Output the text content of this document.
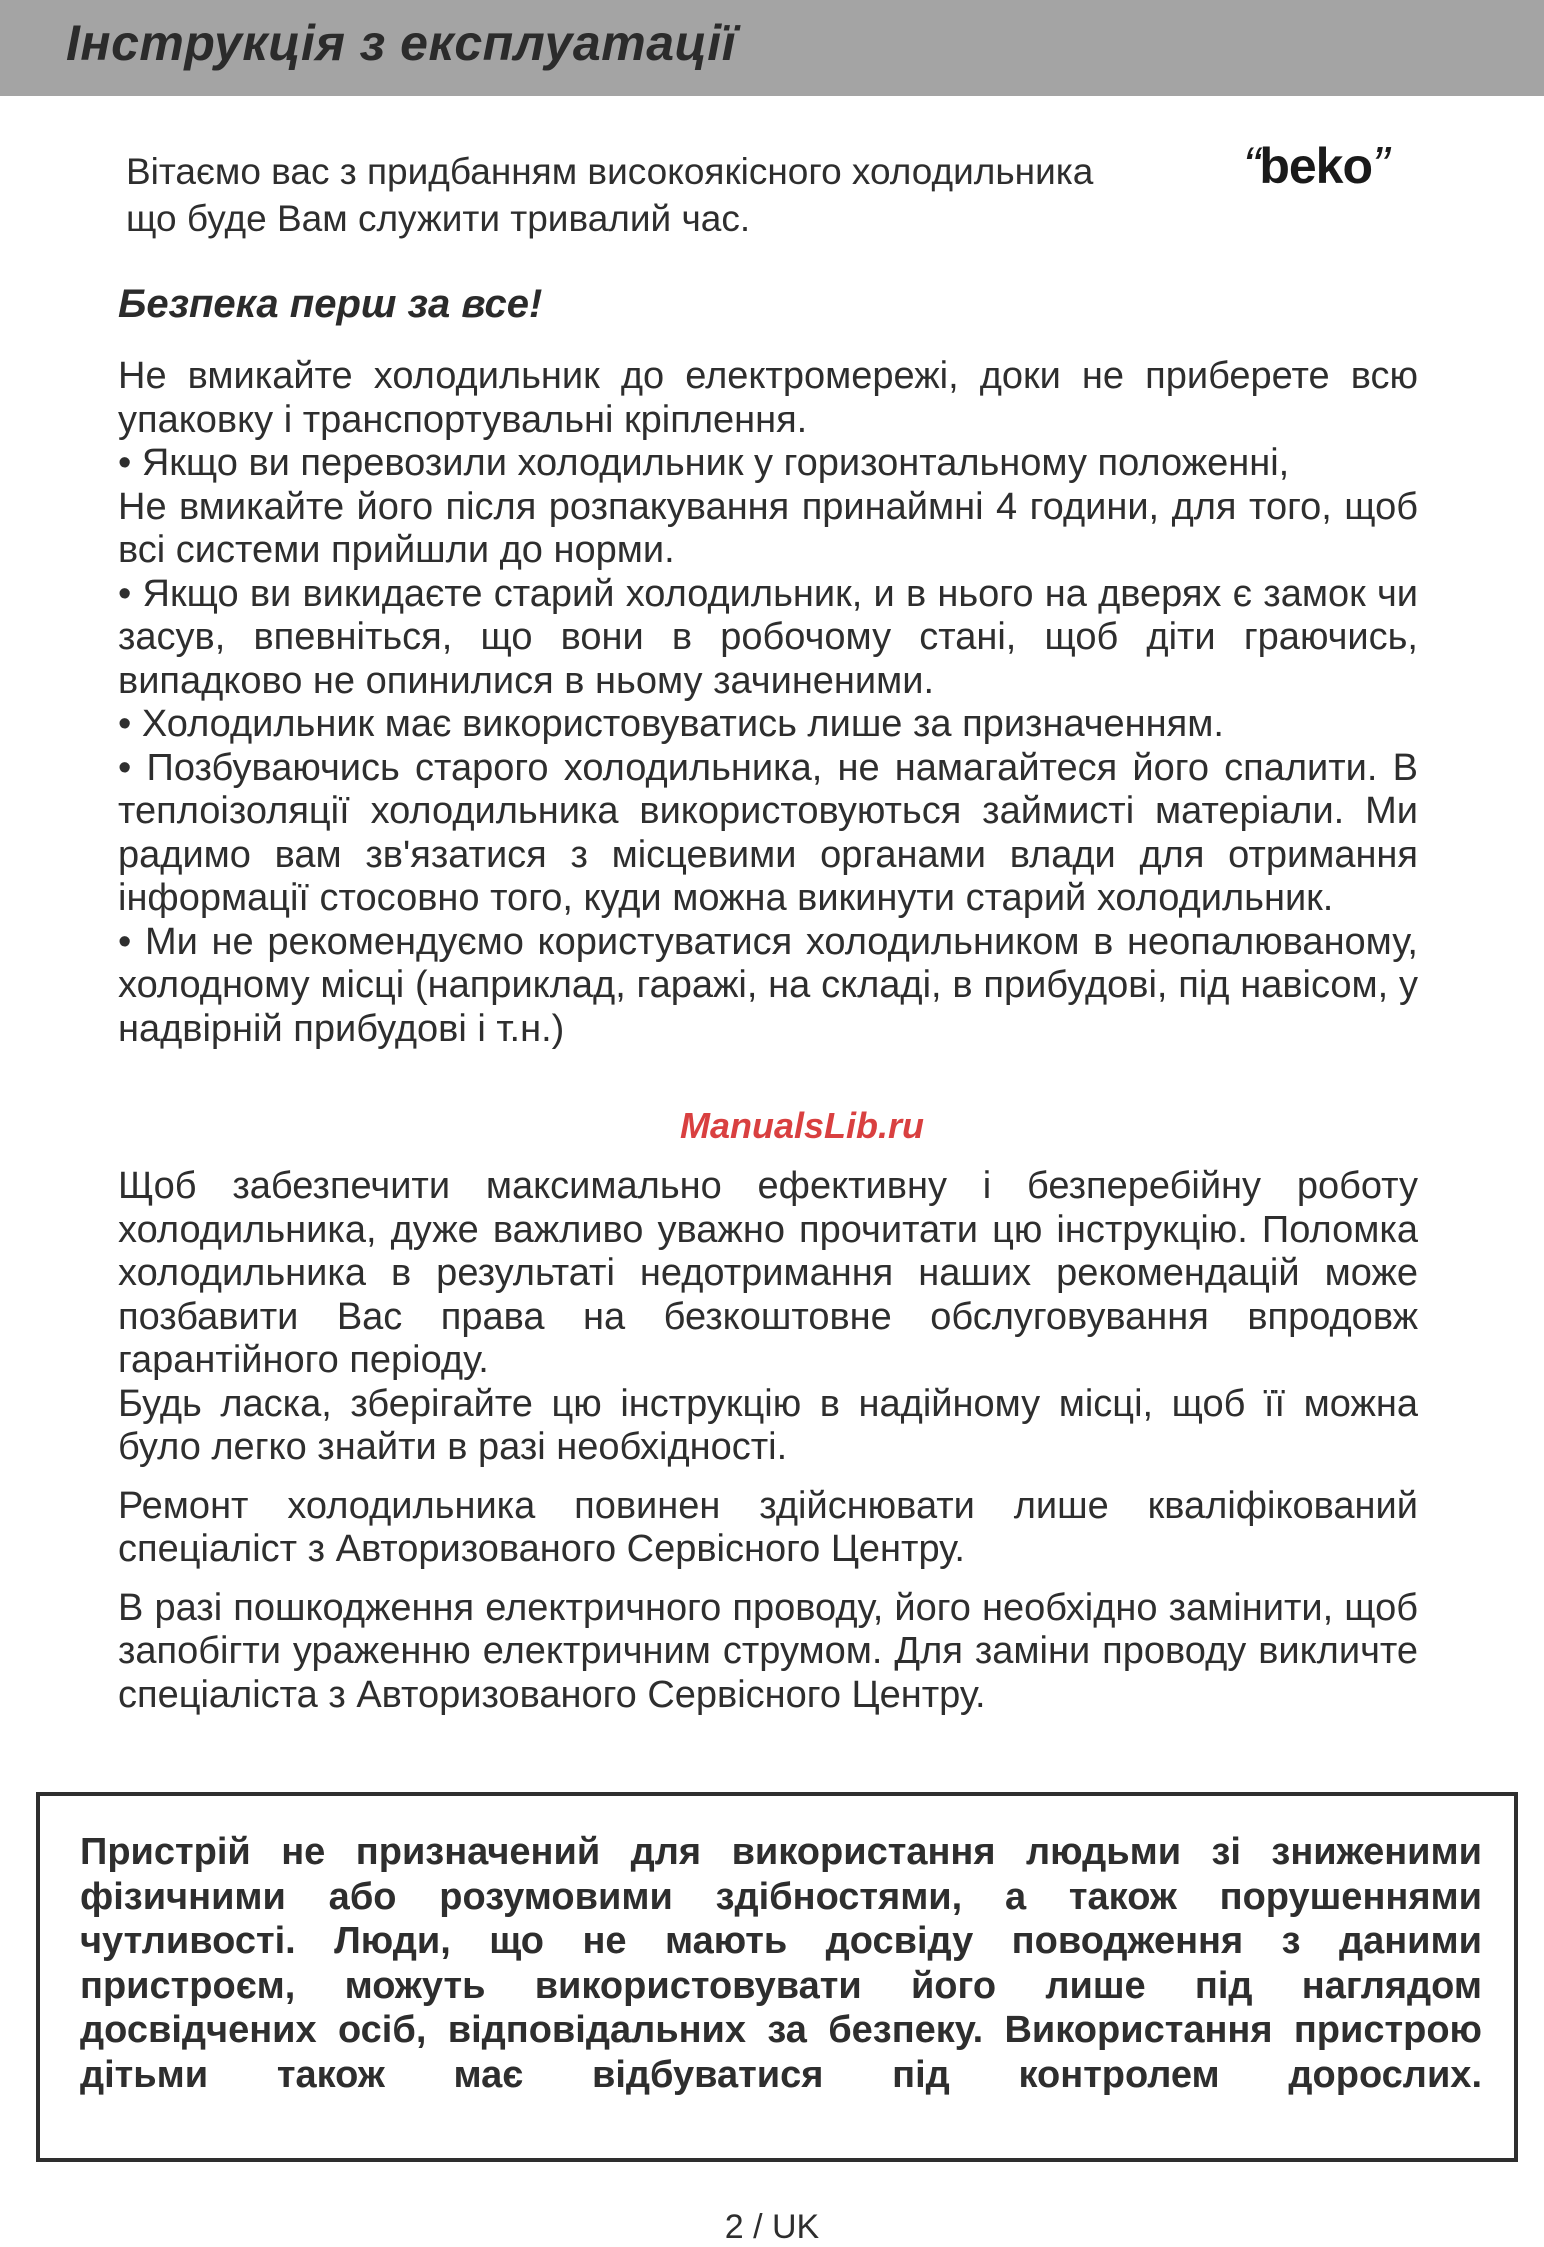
Інструкція з експлуатації
Вітаємо вас з придбанням високоякісного холодильника
що буде Вам служити тривалий час.
“beko”
Безпека перш за все!

Не вмикайте холодильник до електромережі, доки не приберете всю упаковку і транспортувальні кріплення.

• Якщо ви перевозили холодильник у горизонтальному положенні,

Не вмикайте його після розпакування принаймні 4 години, для того, щоб всі системи прийшли до норми.

• Якщо ви викидаєте старий холодильник, и в нього на дверях є замок чи засув, впевніться, що вони в робочому стані, щоб діти граючись, випадково не опинилися в ньому зачиненими.

• Холодильник має використовуватись лише за призначенням.

• Позбуваючись старого холодильника, не намагайтеся його спалити. В теплоізоляції холодильника використовуються займисті матеріали. Ми радимо вам зв'язатися з місцевими органами влади для отримання інформації стосовно того, куди можна викинути старий холодильник.

• Ми не рекомендуємо користуватися холодильником в неопалюваному, холодному місці (наприклад, гаражі, на складі, в прибудові, під навісом, у надвірній прибудові і т.н.)

ManualsLib.ru

Щоб забезпечити максимально ефективну і безперебійну роботу холодильника, дуже важливо уважно прочитати цю інструкцію. Поломка холодильника в результаті недотримання наших рекомендацій може позбавити Вас права на безкоштовне обслуговування впродовж гарантійного періоду.

Будь ласка, зберігайте цю інструкцію в надійному місці, щоб її можна було легко знайти в разі необхідності.

Ремонт холодильника повинен здійснювати лише кваліфікований спеціаліст з Авторизованого Сервісного Центру.

В разі пошкодження електричного проводу, його необхідно замінити, щоб запобігти ураженню електричним струмом. Для заміни проводу викличте спеціаліста з Авторизованого Сервісного Центру.

Пристрій не призначений для використання людьми зі зниженими фізичними або розумовими здібностями, а також порушеннями чутливості. Люди, що не мають досвіду поводження з даними пристроєм, можуть використовувати його лише під наглядом досвідчених осіб, відповідальних за безпеку. Використання пристрою дітьми також має відбуватися під контролем дорослих.
2 / UK
